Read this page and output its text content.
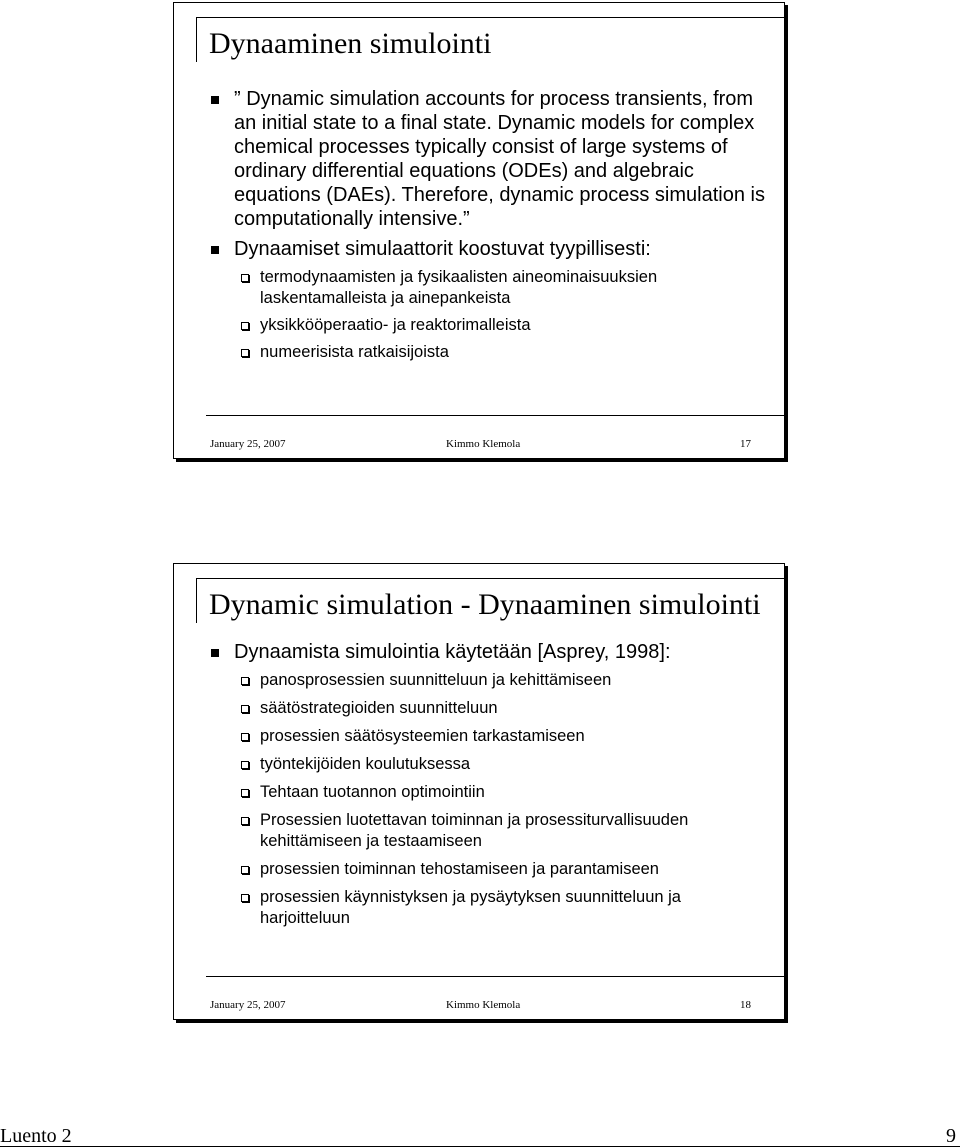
Dynaaminen simulointi
” Dynamic simulation accounts for process transients, from an initial state to a final state. Dynamic models for complex chemical processes typically consist of large systems of ordinary differential equations (ODEs) and algebraic equations (DAEs). Therefore, dynamic process simulation is computationally intensive.”
Dynaamiset simulaattorit koostuvat tyypillisesti:
termodynaamisten ja fysikaalisten aineominaisuuksien laskentamalleista ja ainepankeista
yksikkööperaatio- ja reaktorimalleista
numeerisista ratkaisijoista
January 25, 2007	Kimmo Klemola	17
Dynamic simulation - Dynaaminen simulointi
Dynaamista simulointia käytetään [Asprey, 1998]:
panosprosessien suunnitteluun ja kehittämiseen
säätöstrategioiden suunnitteluun
prosessien säätösysteemien tarkastamiseen
työntekijöiden koulutuksessa
Tehtaan tuotannon optimointiin
Prosessien luotettavan toiminnan ja prosessiturvallisuuden kehittämiseen ja testaamiseen
prosessien toiminnan tehostamiseen ja parantamiseen
prosessien käynnistyksen ja pysäytyksen suunnitteluun ja harjoitteluun
January 25, 2007	Kimmo Klemola	18
Luento 2	9
